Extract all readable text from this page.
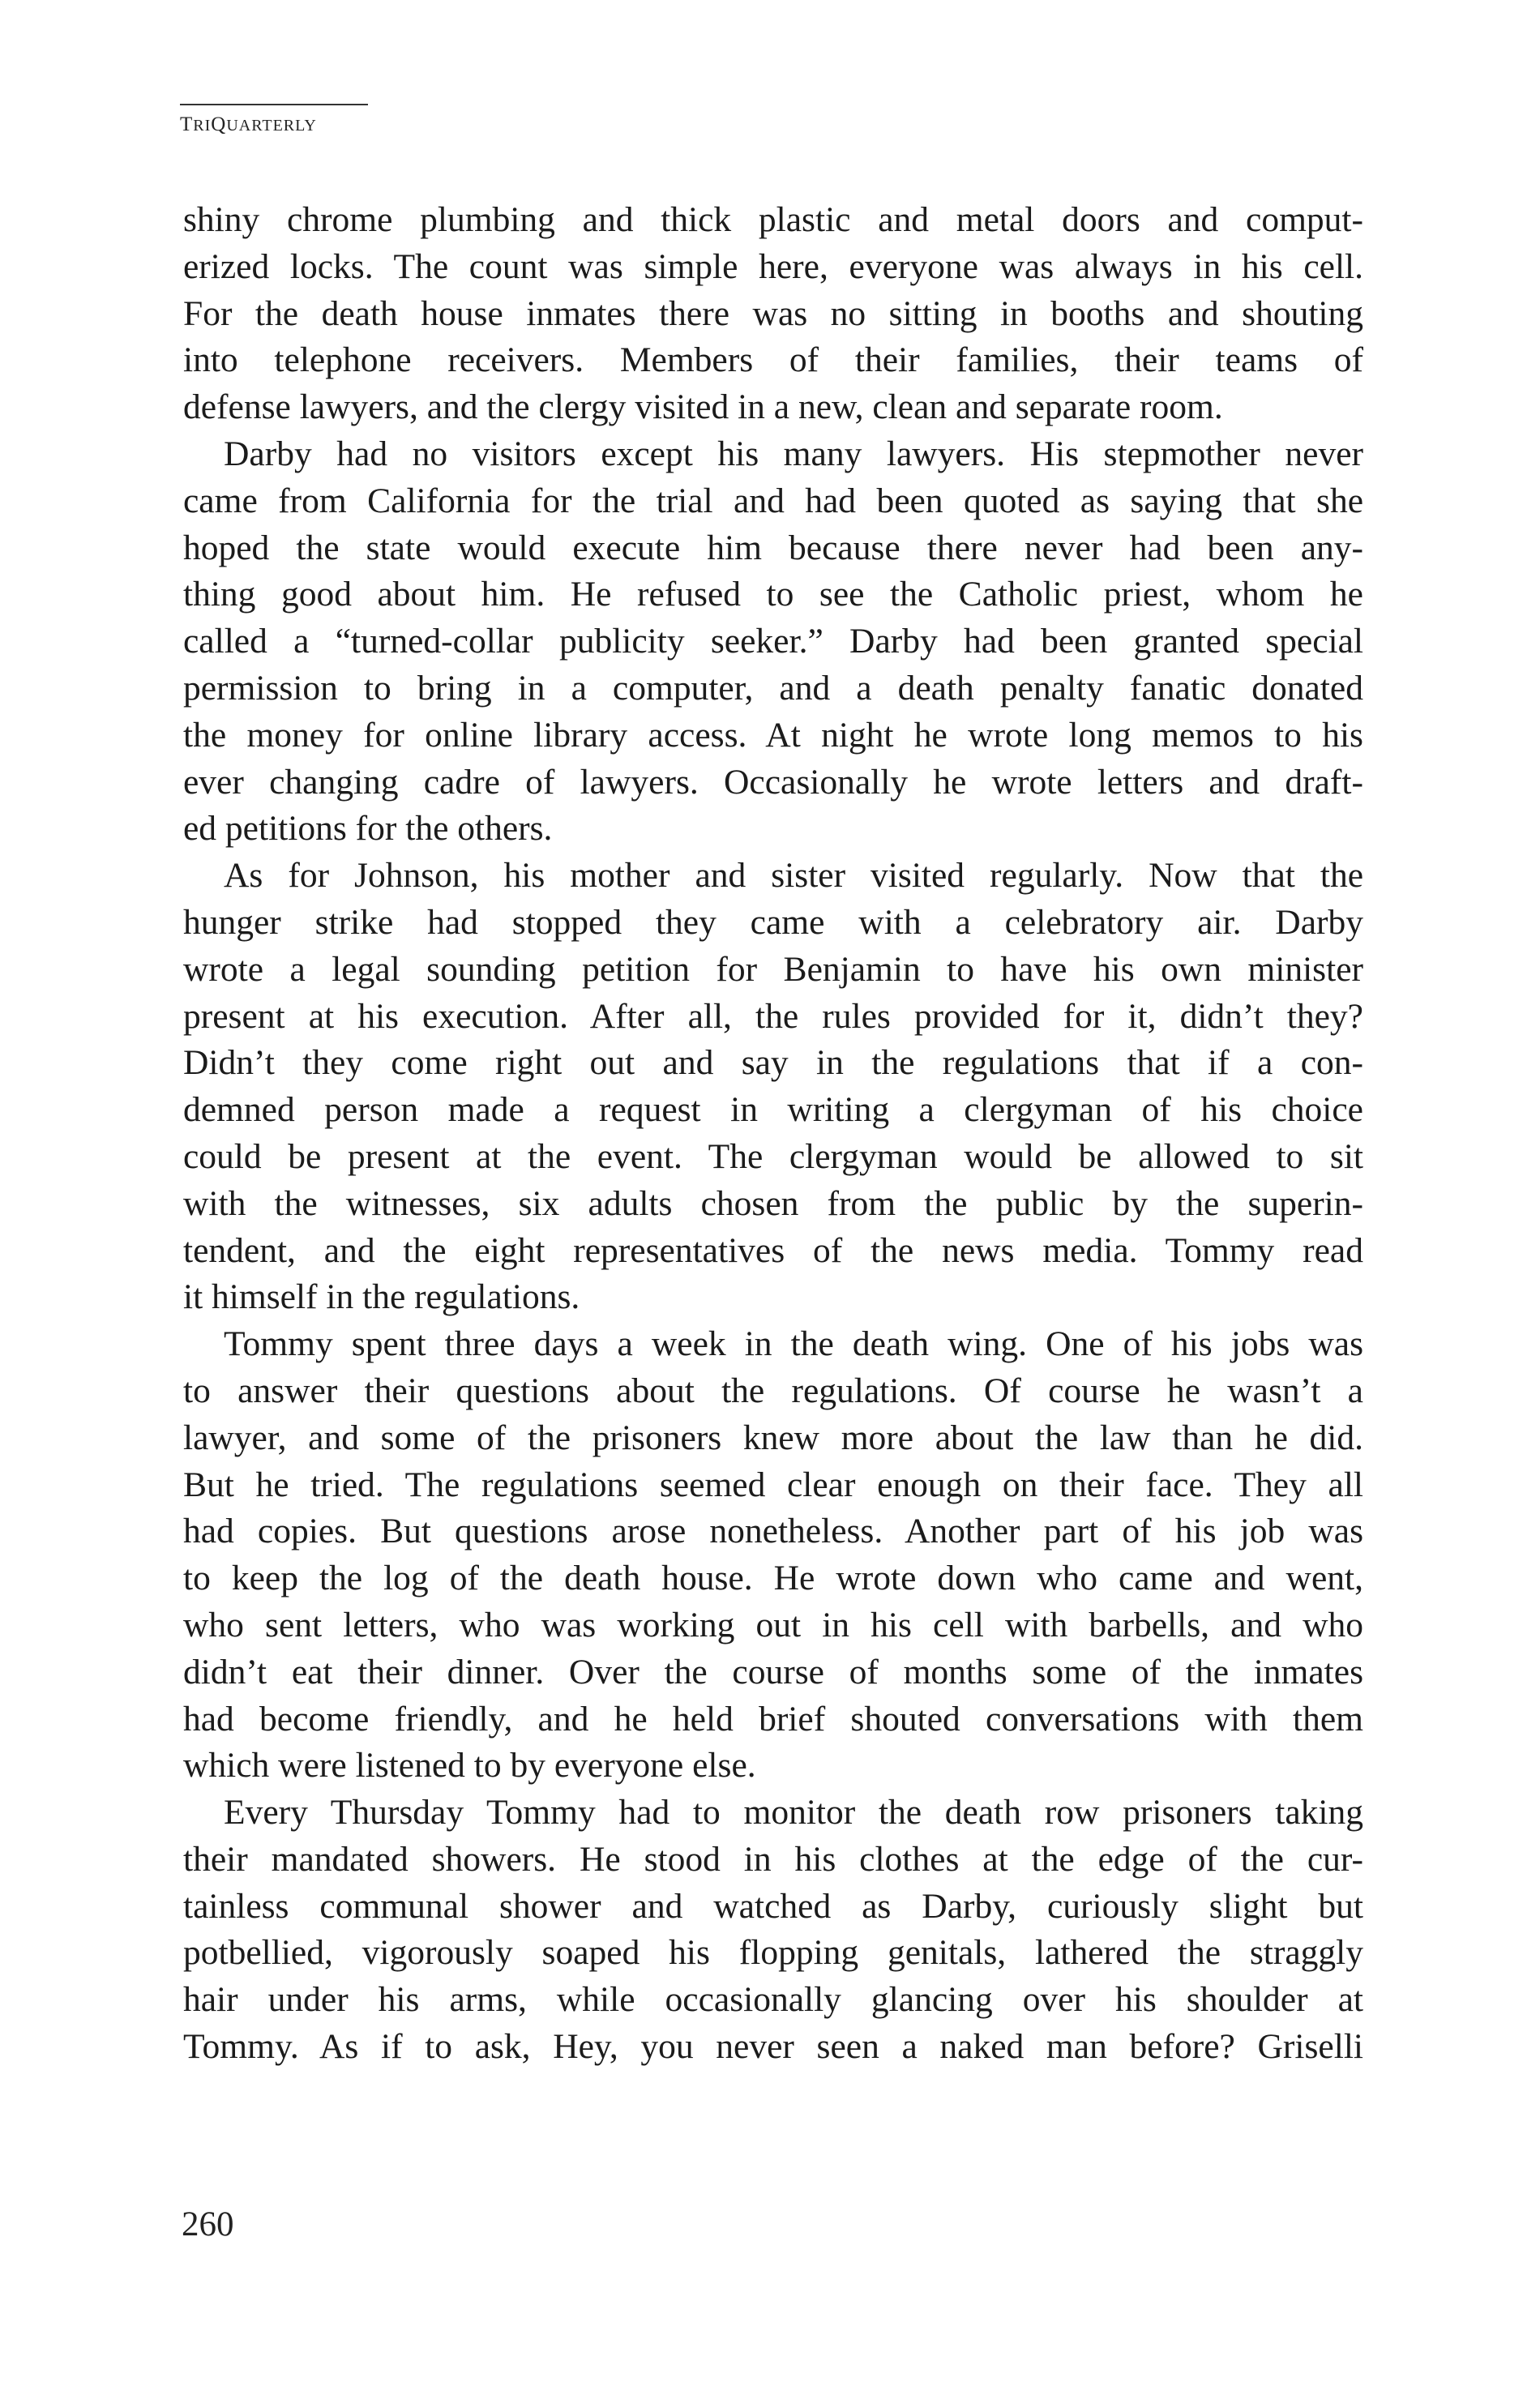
TRIQUARTERLY
shiny chrome plumbing and thick plastic and metal doors and comput-
erized locks. The count was simple here, everyone was always in his cell.
For the death house inmates there was no sitting in booths and shouting
into telephone receivers. Members of their families, their teams of
defense lawyers, and the clergy visited in a new, clean and separate room.
Darby had no visitors except his many lawyers. His stepmother never
came from California for the trial and had been quoted as saying that she
hoped the state would execute him because there never had been any-
thing good about him. He refused to see the Catholic priest, whom he
called a “turned-collar publicity seeker.” Darby had been granted special
permission to bring in a computer, and a death penalty fanatic donated
the money for online library access. At night he wrote long memos to his
ever changing cadre of lawyers. Occasionally he wrote letters and draft-
ed petitions for the others.
As for Johnson, his mother and sister visited regularly. Now that the
hunger strike had stopped they came with a celebratory air. Darby
wrote a legal sounding petition for Benjamin to have his own minister
present at his execution. After all, the rules provided for it, didn’t they?
Didn’t they come right out and say in the regulations that if a con-
demned person made a request in writing a clergyman of his choice
could be present at the event. The clergyman would be allowed to sit
with the witnesses, six adults chosen from the public by the superin-
tendent, and the eight representatives of the news media. Tommy read
it himself in the regulations.
Tommy spent three days a week in the death wing. One of his jobs was
to answer their questions about the regulations. Of course he wasn’t a
lawyer, and some of the prisoners knew more about the law than he did.
But he tried. The regulations seemed clear enough on their face. They all
had copies. But questions arose nonetheless. Another part of his job was
to keep the log of the death house. He wrote down who came and went,
who sent letters, who was working out in his cell with barbells, and who
didn’t eat their dinner. Over the course of months some of the inmates
had become friendly, and he held brief shouted conversations with them
which were listened to by everyone else.
Every Thursday Tommy had to monitor the death row prisoners taking
their mandated showers. He stood in his clothes at the edge of the cur-
tainless communal shower and watched as Darby, curiously slight but
potbellied, vigorously soaped his flopping genitals, lathered the straggly
hair under his arms, while occasionally glancing over his shoulder at
Tommy. As if to ask, Hey, you never seen a naked man before? Griselli
260
